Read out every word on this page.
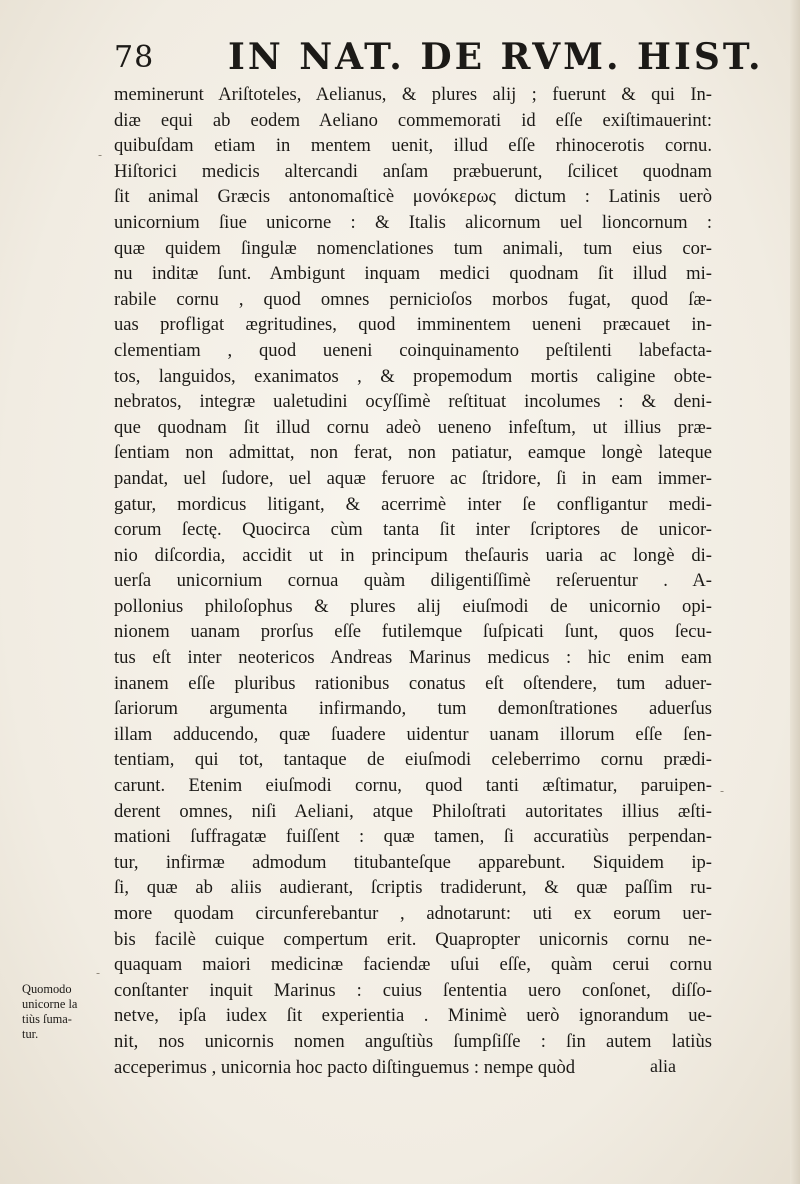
78 IN NAT. DE RVM. HIST.
meminerunt Ariſtoteles, Aelianus, & plures alij ; fuerunt & qui In-
diæ equi ab eodem Aeliano commemorati id eſſe exiſtimauerint:
quibuſdam etiam in mentem uenit, illud eſſe rhinocerotis cornu.
Hiſtorici medicis altercandi anſam præbuerunt, ſcilicet quodnam
ſit animal Græcis antonomaſticè μονόκερως dictum : Latinis uerò
unicornium ſiue unicorne : & Italis alicornum uel lioncornum :
quæ quidem ſingulæ nomenclationes tum animali, tum eius cor-
nu inditæ ſunt. Ambigunt inquam medici quodnam ſit illud mi-
rabile cornu , quod omnes pernicioſos morbos fugat, quod ſæ-
uas profligat ægritudines, quod imminentem ueneni præcauet in-
clementiam , quod ueneni coinquinamento peſtilenti labefacta-
tos, languidos, exanimatos , & propemodum mortis caligine obte-
nebratos, integræ ualetudini ocyſſimè reſtituat incolumes : & deni-
que quodnam ſit illud cornu adeò ueneno infeſtum, ut illius præ-
ſentiam non admittat, non ferat, non patiatur, eamque longè lateque
pandat, uel ſudore, uel aquæ feruore ac ſtridore, ſi in eam immer-
gatur, mordicus litigant, & acerrimè inter ſe confligantur medi-
corum ſectę. Quocirca cùm tanta ſit inter ſcriptores de unicor-
nio diſcordia, accidit ut in principum theſauris uaria ac longè di-
uerſa unicornium cornua quàm diligentiſſimè reſeruentur . A-
pollonius philoſophus & plures alij eiuſmodi de unicornio opi-
nionem uanam prorſus eſſe futilemque ſuſpicati ſunt, quos ſecu-
tus eſt inter neotericos Andreas Marinus medicus : hic enim eam
inanem eſſe pluribus rationibus conatus eſt oſtendere, tum aduer-
ſariorum argumenta infirmando, tum demonſtrationes aduerſus
illam adducendo, quæ ſuadere uidentur uanam illorum eſſe ſen-
tentiam, qui tot, tantaque de eiuſmodi celeberrimo cornu prædi-
carunt. Etenim eiuſmodi cornu, quod tanti æſtimatur, paruipen-
derent omnes, niſi Aeliani, atque Philoſtrati autoritates illius æſti-
mationi ſuffragatæ fuiſſent : quæ tamen, ſi accuratiùs perpendan-
tur, infirmæ admodum titubanteſque apparebunt. Siquidem ip-
ſi, quæ ab aliis audierant, ſcriptis tradiderunt, & quæ paſſim ru-
more quodam circunferebantur , adnotarunt: uti ex eorum uer-
bis facilè cuique compertum erit. Quapropter unicornis cornu ne-
quaquam maiori medicinæ faciendæ uſui eſſe, quàm cerui cornu
conſtanter inquit Marinus : cuius ſententia uero conſonet, diſſo-
netve, ipſa iudex ſit experientia . Minimè uerò ignorandum ue-
nit, nos unicornis nomen anguſtiùs ſumpſiſſe : ſin autem latiùs
acceperimus , unicornia hoc pacto diſtinguemus : nempe quòd	alia
Quomodo
unicorne la
tiùs ſuma-
tur.
-
-
-
